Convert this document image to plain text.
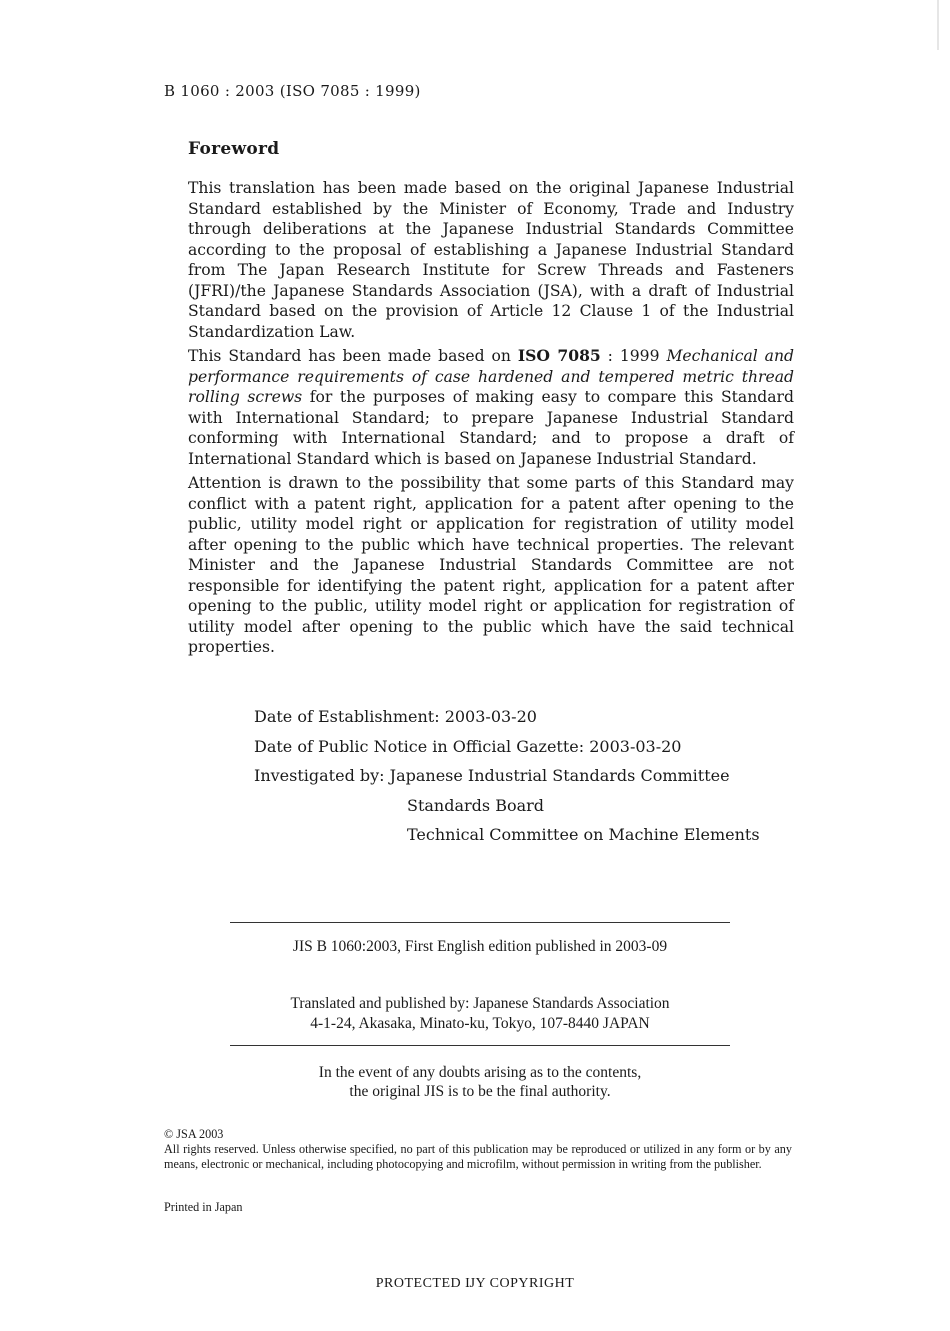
B 1060 : 2003 (ISO 7085 : 1999)
Foreword

This translation has been made based on the original Japanese Industrial Standard established by the Minister of Economy, Trade and Industry through deliberations at the Japanese Industrial Standards Committee according to the proposal of establishing a Japanese Industrial Standard from The Japan Research Institute for Screw Threads and Fasteners (JFRI)/the Japanese Standards Association (JSA), with a draft of Industrial Standard based on the provision of Article 12 Clause 1 of the Industrial Standardization Law.

This Standard has been made based on ISO 7085 : 1999 Mechanical and performance requirements of case hardened and tempered metric thread rolling screws for the purposes of making easy to compare this Standard with International Standard; to prepare Japanese Industrial Standard conforming with International Standard; and to propose a draft of International Standard which is based on Japanese Industrial Standard.

Attention is drawn to the possibility that some parts of this Standard may conflict with a patent right, application for a patent after opening to the public, utility model right or application for registration of utility model after opening to the public which have technical properties. The relevant Minister and the Japanese Industrial Standards Committee are not responsible for identifying the patent right, application for a patent after opening to the public, utility model right or application for registration of utility model after opening to the public which have the said technical properties.

Date of Establishment: 2003-03-20
Date of Public Notice in Official Gazette: 2003-03-20
Investigated by: Japanese Industrial Standards Committee
Standards Board
Technical Committee on Machine Elements
JIS B 1060:2003, First English edition published in 2003-09
Translated and published by: Japanese Standards Association
4-1-24, Akasaka, Minato-ku, Tokyo, 107-8440 JAPAN
In the event of any doubts arising as to the contents,
the original JIS is to be the final authority.
© JSA 2003
All rights reserved. Unless otherwise specified, no part of this publication may be reproduced or utilized in any form or by any means, electronic or mechanical, including photocopying and microfilm, without permission in writing from the publisher.
Printed in Japan
PROTECTED ĲY COPYRIGHT
